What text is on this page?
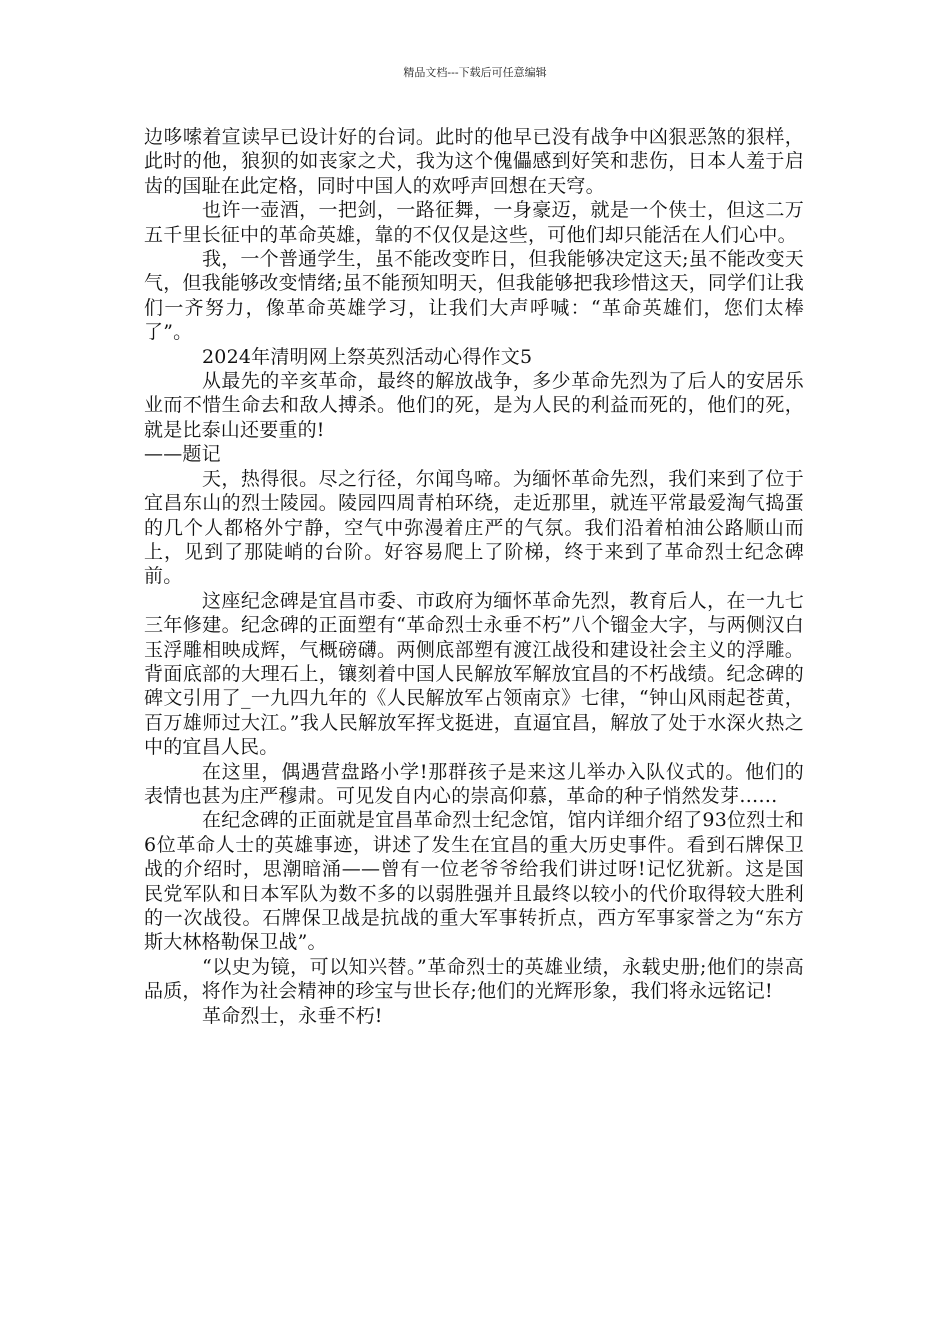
精品文档---下载后可任意编辑

边哆嗦着宣读早已设计好的台词。此时的他早已没有战争中凶狠恶煞的狠样，此时的他，狼狈的如丧家之犬，我为这个傀儡感到好笑和悲伤，日本人羞于启齿的国耻在此定格，同时中国人的欢呼声回想在天穹。

也许一壶酒，一把剑，一路征舞，一身豪迈，就是一个侠士，但这二万五千里长征中的革命英雄，靠的不仅仅是这些，可他们却只能活在人们心中。

我，一个普通学生，虽不能改变昨日，但我能够决定这天;虽不能改变天气，但我能够改变情绪;虽不能预知明天，但我能够把我珍惜这天，同学们让我们一齐努力，像革命英雄学习，让我们大声呼喊：“革命英雄们，您们太棒了”。

2024年清明网上祭英烈活动心得作文5

从最先的辛亥革命，最终的解放战争，多少革命先烈为了后人的安居乐业而不惜生命去和敌人搏杀。他们的死，是为人民的利益而死的，他们的死，就是比泰山还要重的!

——题记

天，热得很。尽之行径，尔闻鸟啼。为缅怀革命先烈，我们来到了位于宜昌东山的烈士陵园。陵园四周青柏环绕，走近那里，就连平常最爱淘气捣蛋的几个人都格外宁静，空气中弥漫着庄严的气氛。我们沿着柏油公路顺山而上，见到了那陡峭的台阶。好容易爬上了阶梯，终于来到了革命烈士纪念碑前。

这座纪念碑是宜昌市委、市政府为缅怀革命先烈，教育后人，在一九七三年修建。纪念碑的正面塑有“革命烈士永垂不朽”八个镏金大字，与两侧汉白玉浮雕相映成辉，气概磅礴。两侧底部塑有渡江战役和建设社会主义的浮雕。背面底部的大理石上，镶刻着中国人民解放军解放宜昌的不朽战绩。纪念碑的碑文引用了_一九四九年的《人民解放军占领南京》七律，“钟山风雨起苍黄，百万雄师过大江。”我人民解放军挥戈挺进，直逼宜昌，解放了处于水深火热之中的宜昌人民。

在这里，偶遇营盘路小学!那群孩子是来这儿举办入队仪式的。他们的表情也甚为庄严穆肃。可见发自内心的崇高仰慕，革命的种子悄然发芽……

在纪念碑的正面就是宜昌革命烈士纪念馆，馆内详细介绍了93位烈士和6位革命人士的英雄事迹，讲述了发生在宜昌的重大历史事件。看到石牌保卫战的介绍时，思潮暗涌——曾有一位老爷爷给我们讲过呀!记忆犹新。这是国民党军队和日本军队为数不多的以弱胜强并且最终以较小的代价取得较大胜利的一次战役。石牌保卫战是抗战的重大军事转折点，西方军事家誉之为“东方斯大林格勒保卫战”。

“以史为镜，可以知兴替。”革命烈士的英雄业绩，永载史册;他们的崇高品质，将作为社会精神的珍宝与世长存;他们的光辉形象，我们将永远铭记!

革命烈士，永垂不朽!
